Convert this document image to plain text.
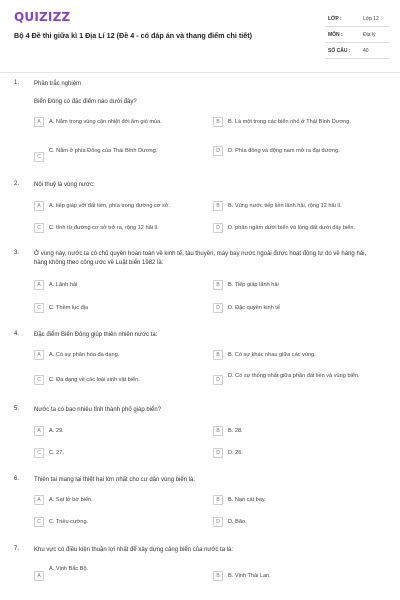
QUIZIZZ
Bộ 4 Đề thi giữa kì 1 Địa Lí 12 (Đề 4 - có đáp án và thang điểm chi tiết)
LỚP :	Lớp 12
MÔN :	Địa lý
SỐ CÂU :	40
1. Phần trắc nghiệm

Biển Đông có đặc điểm nào dưới đây?
A	A. Nằm trong vùng cận nhiệt đới ẩm gió mùa.	B	B. Là một trong các biển nhỏ ở Thái Bình Dương.
C
C. Nằm ở phía Đông của Thái Bình Dương.	D	D. Phía đông và động nam mở ra đại dương.
2. Nội thuỷ là vùng nước:
A	A. tiếp giáp với đất liền, phía trong đường cơ sở.	B	B. Vùng nước tiếp liền lãnh hải, rộng 12 hải lí.
C	C. tính từ đường cơ sở trở ra, rộng 12 hải lí.	D	D. phần ngầm dưới biển và lòng đất dưới đáy biển.
3. Ở vùng này, nước ta có chủ quyền hoàn toàn về kinh tế, tàu thuyền, máy bay nước ngoài được hoạt động tự do về hàng hải, hàng không theo công ước về Luật biển 1982 là:
A	A. Lãnh hải	B	B. Tiếp giáp lãnh hải
C	C. Thềm lục địa	D	D. Đặc quyền kinh tế
4. Đặc điểm Biển Đông giúp thiên nhiên nước ta:
A	A. Có sự phân hóa đa dạng.	B	B. Có sự khác nhau giữa các vùng.
C	C. Đa dạng về các loài sinh vật biển.	D
D. Có sự thống nhất giữa phần đất liền và vùng biển.
5. Nước ta có bao nhiêu tỉnh thành phố giáp biển?
A	A. 29.	B	B. 28.
C	C. 27.	D	D. 26.
6. Thiên tai mang lại thiệt hại lớn nhất cho cư dân vùng biển là:
A	A. Sạt lở bờ biển.	B	B. Nạn cát bay.
C	C. Triều cường.	D	D. Bão.
7. Khu vực có điều kiện thuận lợi nhất để xây dựng cảng biển của nước ta là:
A
A. Vịnh Bắc Bộ.
B	B. Vịnh Thái Lan.
